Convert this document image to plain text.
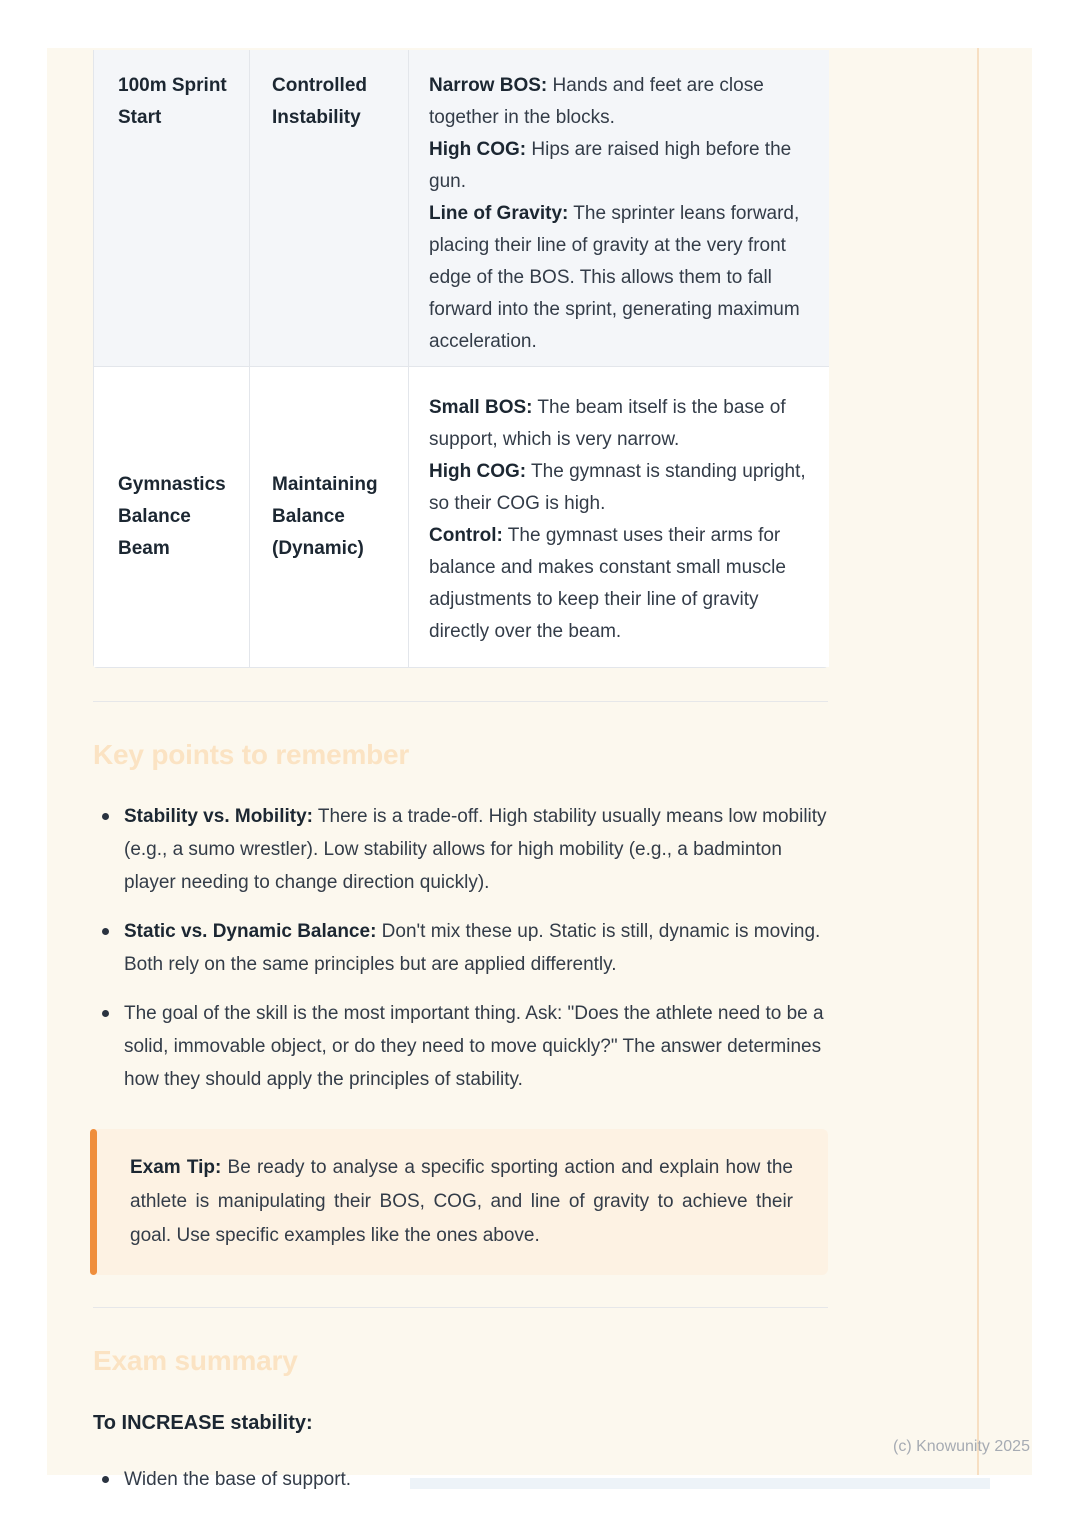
100m Sprint Start
Controlled Instability
Narrow BOS: Hands and feet are close together in the blocks.
High COG: Hips are raised high before the gun.
Line of Gravity: The sprinter leans forward, placing their line of gravity at the very front edge of the BOS. This allows them to fall forward into the sprint, generating maximum acceleration.
Gymnastics Balance Beam
Maintaining Balance (Dynamic)
Small BOS: The beam itself is the base of support, which is very narrow.
High COG: The gymnast is standing upright, so their COG is high.
Control: The gymnast uses their arms for balance and makes constant small muscle adjustments to keep their line of gravity directly over the beam.
Key points to remember
Stability vs. Mobility: There is a trade-off. High stability usually means low mobility (e.g., a sumo wrestler). Low stability allows for high mobility (e.g., a badminton player needing to change direction quickly).
Static vs. Dynamic Balance: Don't mix these up. Static is still, dynamic is moving. Both rely on the same principles but are applied differently.
The goal of the skill is the most important thing. Ask: "Does the athlete need to be a solid, immovable object, or do they need to move quickly?" The answer determines how they should apply the principles of stability.
Exam Tip: Be ready to analyse a specific sporting action and explain how the athlete is manipulating their BOS, COG, and line of gravity to achieve their goal. Use specific examples like the ones above.
Exam summary
To INCREASE stability:
Widen the base of support.
(c) Knowunity 2025
